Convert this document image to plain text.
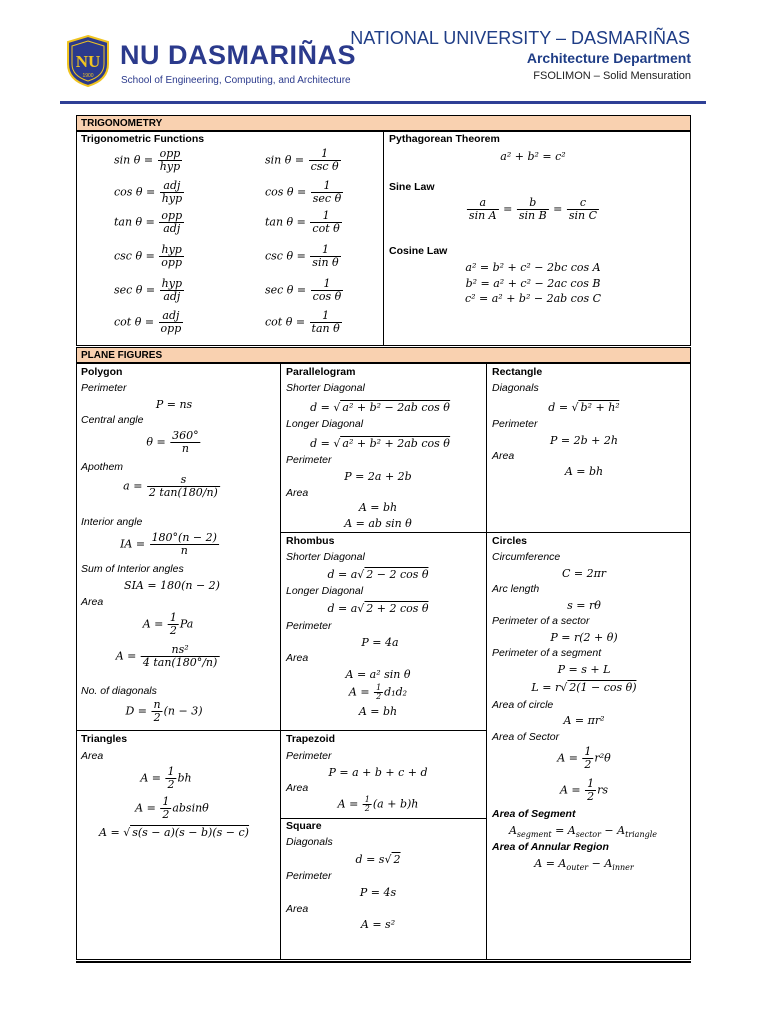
NU
1900
NU DASMARIÑAS
School of Engineering, Computing, and Architecture
NATIONAL UNIVERSITY – DASMARIÑAS
Architecture Department
FSOLIMON – Solid Mensuration
TRIGONOMETRY
Trigonometric Functions
sin θ = opp
hyp
cos θ = adj
hyp
tan θ = opp
adj
csc θ = hyp
opp
sec θ = hyp
adj
cot θ = adj
opp
sin θ =	1
csc θ
cos θ =	1
sec θ
$\tan \theta = \frac{1}{\text{cot θ}}$
$\csc \theta = \frac{1}{\text{sin θ}}$
$\sec \theta = \frac{1}{\text{cos θ}}$
$\cot \theta = \frac{1}{\text{tan θ}}$
Pythagorean Theorem
a² + b² = c²
Sine Law
$\frac{a}{\text{sin A}} = \frac{b}{\text{sin B}} = \frac{c}{\text{sin C}}$
Cosine Law
a² = b² + c² − 2bc cos A
b² = a² + c² − 2ac cos B
c² = a² + b² − 2ab cos C
PLANE FIGURES
Polygon
Perimeter
P = ns
Central angle
$\theta = \frac{360^\circ}{n}$
Apothem
$a = \frac{s}{2 \tan(180/n)}$
Interior angle
IA = $\frac{180^\circ(n - 2)}{n}$
Sum of Interior angles
SIA = 180(n − 2)
Area
$A = \frac{1}{2}$ Pa
$A = \frac{\text{ns²}}{4 \tan(180^\circ/n)}$
No. of diagonals
$D = \frac{n}{2} (n - 3)$
Triangles
Area
$A = \frac{1}{2}$ bh
$A = \frac{1}{2}$ absinθ
A = √ s(s − a)(s − b)(s − c)
Parallelogram
Shorter Diagonal
d = √ a² + b² − 2ab cos θ
Longer Diagonal
d = √ a² + b² + 2ab cos θ
Perimeter
P = 2a + 2b
Area
A = bh
A = ab sin θ
Rhombus
Shorter Diagonal
d = a√ 2 − 2 cos θ
Longer Diagonal
d = a√ 2 + 2 cos θ
Perimeter
P = 4a
Area
A = a² sin θ
$A = \frac{1}{2} d_1d_2$
A = bh
Trapezoid
Perimeter
P = a + b + c + d
Area
$A = \frac{1}{2} (a + b)h$
Square
Diagonals
d = s√ 2
Perimeter
P = 4s
Area
A = s²
Rectangle
Diagonals
d = √ b² + h²
Perimeter
P = 2b + 2h
Area
A = bh
Circles
Circumference
C = 2πr
Arc length
s = rθ
Perimeter of a sector
P = r(2 + θ)
Perimeter of a segment
P = s + L
L = r√ 2(1 − cos θ)
Area of circle
A = πr²
Area of Sector
$A = \frac{1}{2} r^2\theta$
$A = \frac{1}{2}$ rs
Area of Segment
$A_{segment} = A_{sector} - A_{triangle}$
Area of Annular Region
$A = A_{outer} - A_{inner}$
